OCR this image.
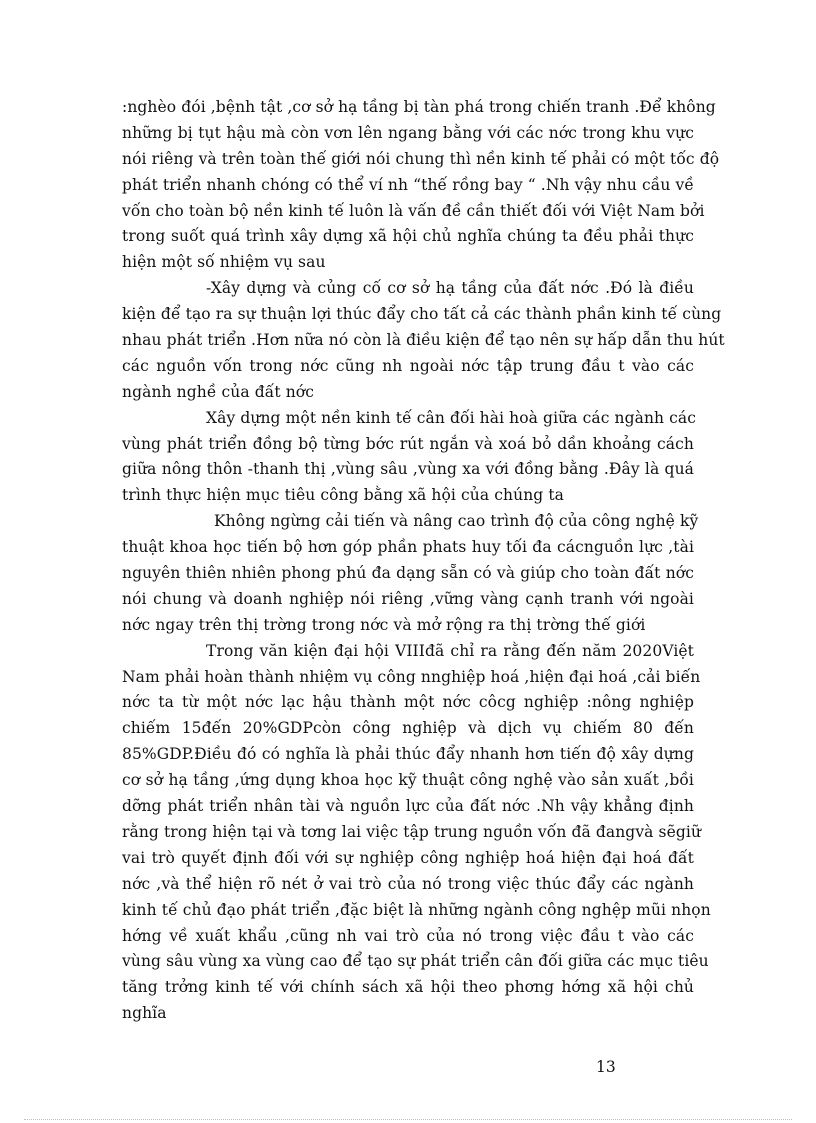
:nghèo đói ,bệnh tật ,cơ sở hạ tầng bị tàn phá trong chiến tranh .Để không
những bị tụt hậu mà còn vơn lên ngang bằng với các nớc trong khu vực
nói riêng và trên toàn thế giới nói chung thì nền kinh tế phải có một tốc độ
phát triển nhanh chóng có thể ví nh “thế rồng bay “ .Nh vậy nhu cầu về
vốn cho toàn bộ nền kinh tế luôn là vấn đề cần thiết đối với Việt Nam bởi
trong suốt quá trình xây dựng xã hội chủ nghĩa chúng ta đều phải thực
hiện một số nhiệm vụ sau
-Xây dựng và củng cố cơ sở hạ tầng của đất nớc .Đó là điều
kiện để tạo ra sự thuận lợi thúc đẩy cho tất cả các thành phần kinh tế cùng
nhau phát triển .Hơn nữa nó còn là điều kiện để tạo nên sự hấp dẫn thu hút
các nguồn vốn trong nớc cũng nh ngoài nớc tập trung đầu t vào các
ngành nghề của đất nớc
Xây dựng một nền kinh tế cân đối hài hoà giữa các ngành các
vùng phát triển đồng bộ từng bớc rút ngắn và xoá bỏ dần khoảng cách
giữa nông thôn -thanh thị ,vùng sâu ,vùng xa với đồng bằng .Đây là quá
trình thực hiện mục tiêu công bằng xã hội của chúng ta
Không ngừng cải tiến và nâng cao trình độ của công nghệ kỹ
thuật khoa học tiến bộ hơn góp phần phats huy tối đa cácnguồn lực ,tài
nguyên thiên nhiên phong phú đa dạng sẵn có và giúp cho toàn đất nớc
nói chung và doanh nghiệp nói riêng ,vững vàng cạnh tranh với ngoài
nớc ngay trên thị trờng trong nớc và mở rộng ra thị trờng thế giới
Trong văn kiện đại hội VIIIđã chỉ ra rằng đến năm 2020Việt
Nam phải hoàn thành nhiệm vụ công nnghiệp hoá ,hiện đại hoá ,cải biến
nớc ta từ một nớc lạc hậu thành một nớc côcg nghiệp :nông nghiệp
chiếm 15đến 20%GDPcòn công nghiệp và dịch vụ chiếm 80 đến
85%GDP.Điều đó có nghĩa là phải thúc đẩy nhanh hơn tiến độ xây dựng
cơ sở hạ tầng ,ứng dụng khoa học kỹ thuật công nghệ vào sản xuất ,bồi
dỡng phát triển nhân tài và nguồn lực của đất nớc .Nh vậy khẳng định
rằng trong hiện tại và tơng lai việc tập trung nguồn vốn đã đangvà sẽgiữ
vai trò quyết định đối với sự nghiệp công nghiệp hoá hiện đại hoá đất
nớc ,và thể hiện rõ nét ở vai trò của nó trong việc thúc đẩy các ngành
kinh tế chủ đạo phát triển ,đặc biệt là những ngành công nghệp mũi nhọn
hớng về xuất khẩu ,cũng nh vai trò của nó trong việc đầu t vào các
vùng sâu vùng xa vùng cao để tạo sự phát triển cân đối giữa các mục tiêu
tăng trởng kinh tế với chính sách xã hội theo phơng hớng xã hội chủ
nghĩa
13
